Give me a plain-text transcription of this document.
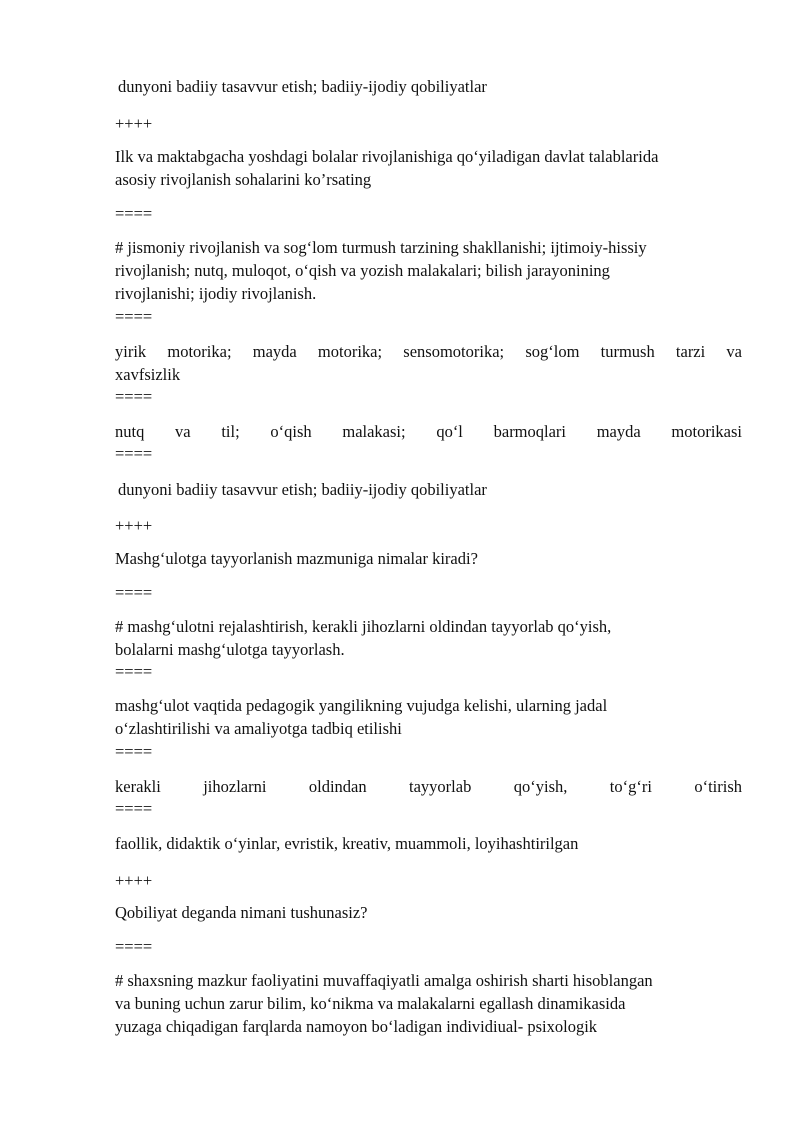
dunyoni badiiy tasavvur etish; badiiy-ijodiy qobiliyatlar
++++
Ilk va maktabgacha yoshdagi bolalar rivojlanishiga qo‘yiladigan davlat talablarida
asosiy rivojlanish sohalarini ko’rsating
====
# jismoniy rivojlanish va sog‘lom turmush tarzining shakllanishi; ijtimoiy-hissiy
rivojlanish; nutq, muloqot, o‘qish va yozish malakalari; bilish jarayonining
rivojlanishi; ijodiy rivojlanish.
====
yirik motorika; mayda motorika; sensomotorika; sog‘lom turmush tarzi va
xavfsizlik
====
nutq va til; o‘qish malakasi; qo‘l barmoqlari mayda motorikasi
====
dunyoni badiiy tasavvur etish; badiiy-ijodiy qobiliyatlar
++++
Mashg‘ulotga tayyorlanish mazmuniga nimalar kiradi?
====
# mashg‘ulotni rejalashtirish, kerakli jihozlarni oldindan tayyorlab qo‘yish,
bolalarni mashg‘ulotga tayyorlash.
====
mashg‘ulot vaqtida pedagogik yangilikning vujudga kelishi, ularning jadal
o‘zlashtirilishi va amaliyotga tadbiq etilishi
====
kerakli jihozlarni oldindan tayyorlab qo‘yish, to‘g‘ri o‘tirish
====
faollik, didaktik o‘yinlar, evristik, kreativ, muammoli, loyihashtirilgan
++++
Qobiliyat deganda nimani tushunasiz?
====
# shaxsning mazkur faoliyatini muvaffaqiyatli amalga oshirish sharti hisoblangan
va buning uchun zarur bilim, ko‘nikma va malakalarni egallash dinamikasida
yuzaga chiqadigan farqlarda namoyon bo‘ladigan individiual- psixologik
